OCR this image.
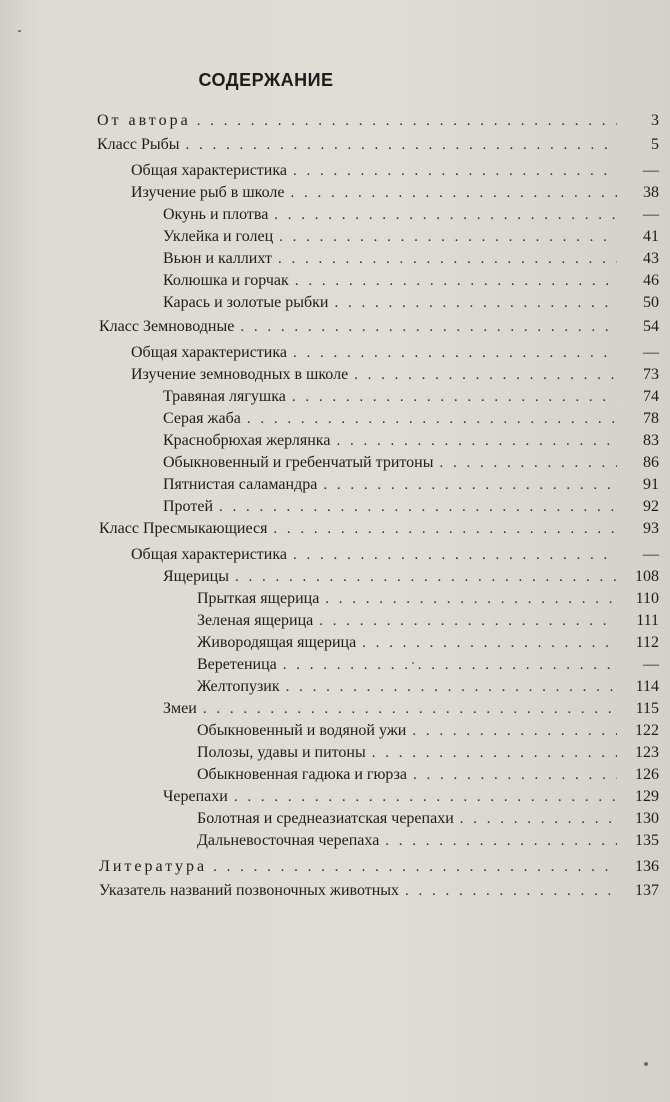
СОДЕРЖАНИЕ
От автора . . .	3
Класс Рыбы . . .	5
Общая характеристика . . .	—
Изучение рыб в школе . . .	38
Окунь и плотва . . .	—
Уклейка и голец . . .	41
Вьюн и каллихт . . .	43
Колюшка и горчак . . .	46
Карась и золотые рыбки . . .	50
Класс Земноводные . . .	54
Общая характеристика . . .	—
Изучение земноводных в школе . . .	73
Травяная лягушка . . .	74
Серая жаба . . .	78
Краснобрюхая жерлянка . . .	83
Обыкновенный и гребенчатый тритоны . . .	86
Пятнистая саламандра . . .	91
Протей . . .	92
Класс Пресмыкающиеся . . .	93
Общая характеристика . . .	—
Ящерицы . . .	108
Прыткая ящерица . . .	110
Зеленая ящерица . . .	111
Живородящая ящерица . . .	112
Веретеница . . .	—
Желтопузик . . .	114
Змеи . . .	115
Обыкновенный и водяной ужи . . .	122
Полозы, удавы и питоны . . .	123
Обыкновенная гадюка и гюрза . . .	126
Черепахи . . .	129
Болотная и среднеазиатская черепахи . . .	130
Дальневосточная черепаха . . .	135
Литература . . .	136
Указатель названий позвоночных животных . . .	137
